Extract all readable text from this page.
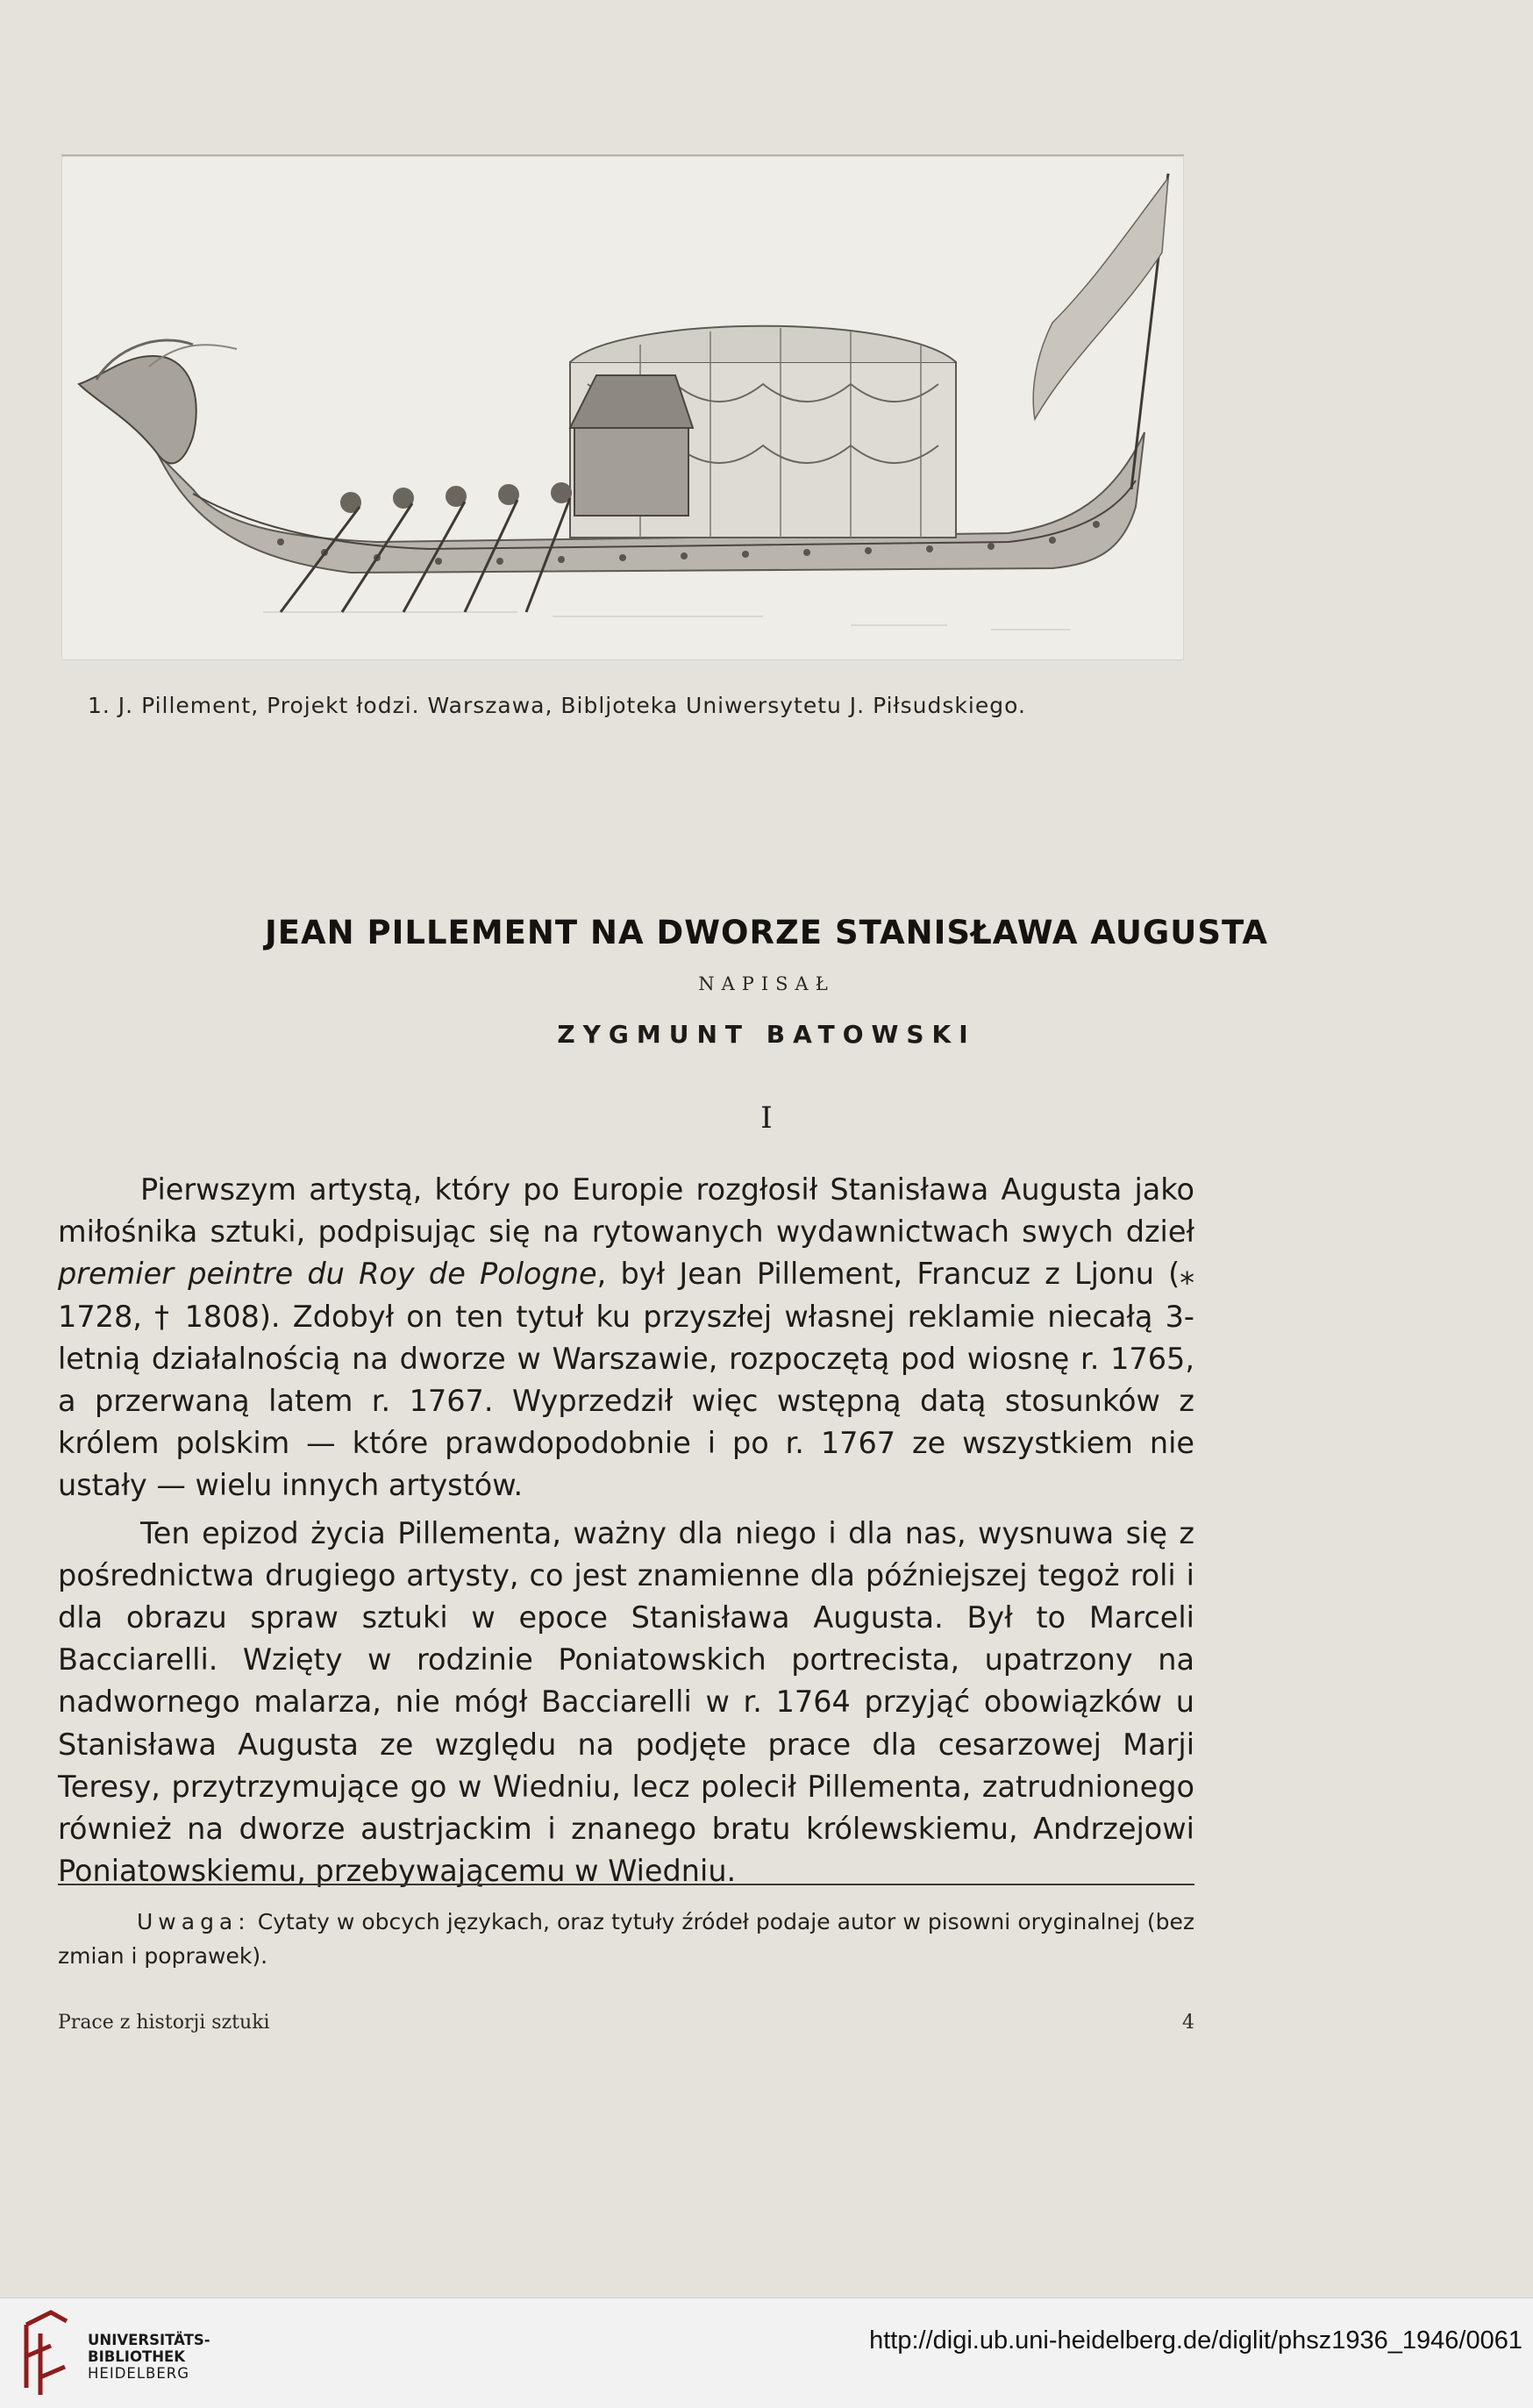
1. J. Pillement, Projekt łodzi. Warszawa, Bibljoteka Uniwersytetu J. Piłsudskiego.
JEAN PILLEMENT NA DWORZE STANISŁAWA AUGUSTA
NAPISAŁ
ZYGMUNT BATOWSKI
I

Pierwszym artystą, który po Europie rozgłosił Stanisława Augusta jako miłośnika sztuki, podpisując się na rytowanych wydawnictwach swych dzieł premier peintre du Roy de Pologne, był Jean Pillement, Francuz z Ljonu (⁎ 1728, † 1808). Zdobył on ten tytuł ku przyszłej własnej reklamie niecałą 3-letnią działalnością na dworze w Warszawie, rozpoczętą pod wiosnę r. 1765, a przerwaną latem r. 1767. Wyprzedził więc wstępną datą stosunków z królem polskim — które prawdopodobnie i po r. 1767 ze wszystkiem nie ustały — wielu innych artystów.

Ten epizod życia Pillementa, ważny dla niego i dla nas, wysnuwa się z pośrednictwa drugiego artysty, co jest znamienne dla późniejszej tegoż roli i dla obrazu spraw sztuki w epoce Stanisława Augusta. Był to Marceli Bacciarelli. Wzięty w rodzinie Poniatowskich portrecista, upatrzony na nadwornego malarza, nie mógł Bacciarelli w r. 1764 przyjąć obowiązków u Stanisława Augusta ze względu na podjęte prace dla cesarzowej Marji Teresy, przytrzymujące go w Wiedniu, lecz polecił Pillementa, zatrudnionego również na dworze austrjackim i znanego bratu królewskiemu, Andrzejowi Poniatowskiemu, przebywającemu w Wiedniu.

Uwaga: Cytaty w obcych językach, oraz tytuły źródeł podaje autor w pisowni oryginalnej (bez zmian i poprawek).

Prace z historji sztuki	4
UNIVERSITÄTS-
BIBLIOTHEK
HEIDELBERG
http://digi.ub.uni-heidelberg.de/diglit/phsz1936_1946/0061
